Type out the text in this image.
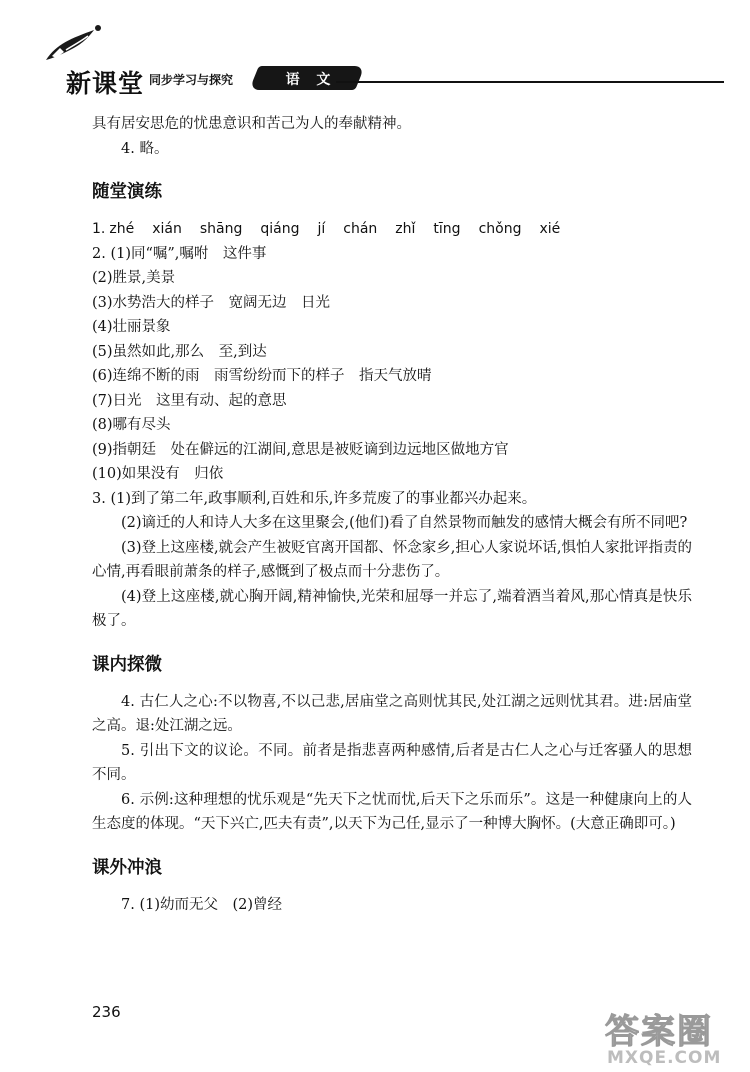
新课堂 同步学习与探究	语 文
具有居安思危的忧患意识和苦己为人的奉献精神。
4. 略。
随堂演练
1. zhé xián shāng qiáng jí chán zhǐ tīng chǒng xié
2. (1)同“嘱”,嘱咐　这件事
(2)胜景,美景
(3)水势浩大的样子　宽阔无边　日光
(4)壮丽景象
(5)虽然如此,那么　至,到达
(6)连绵不断的雨　雨雪纷纷而下的样子　指天气放晴
(7)日光　这里有动、起的意思
(8)哪有尽头
(9)指朝廷　处在僻远的江湖间,意思是被贬谪到边远地区做地方官
(10)如果没有　归依
3. (1)到了第二年,政事顺利,百姓和乐,许多荒废了的事业都兴办起来。
(2)谪迁的人和诗人大多在这里聚会,(他们)看了自然景物而触发的感情大概会有所不同吧?
(3)登上这座楼,就会产生被贬官离开国都、怀念家乡,担心人家说坏话,惧怕人家批评指责的心情,再看眼前萧条的样子,感慨到了极点而十分悲伤了。
(4)登上这座楼,就心胸开阔,精神愉快,光荣和屈辱一并忘了,端着酒当着风,那心情真是快乐极了。
课内探微
4. 古仁人之心:不以物喜,不以己悲,居庙堂之高则忧其民,处江湖之远则忧其君。进:居庙堂之高。退:处江湖之远。
5. 引出下文的议论。不同。前者是指悲喜两种感情,后者是古仁人之心与迁客骚人的思想不同。
6. 示例:这种理想的忧乐观是“先天下之忧而忧,后天下之乐而乐”。这是一种健康向上的人生态度的体现。“天下兴亡,匹夫有责”,以天下为己任,显示了一种博大胸怀。(大意正确即可。)
课外冲浪
7. (1)幼而无父　(2)曾经
236	答案圈
MXQE.COM
